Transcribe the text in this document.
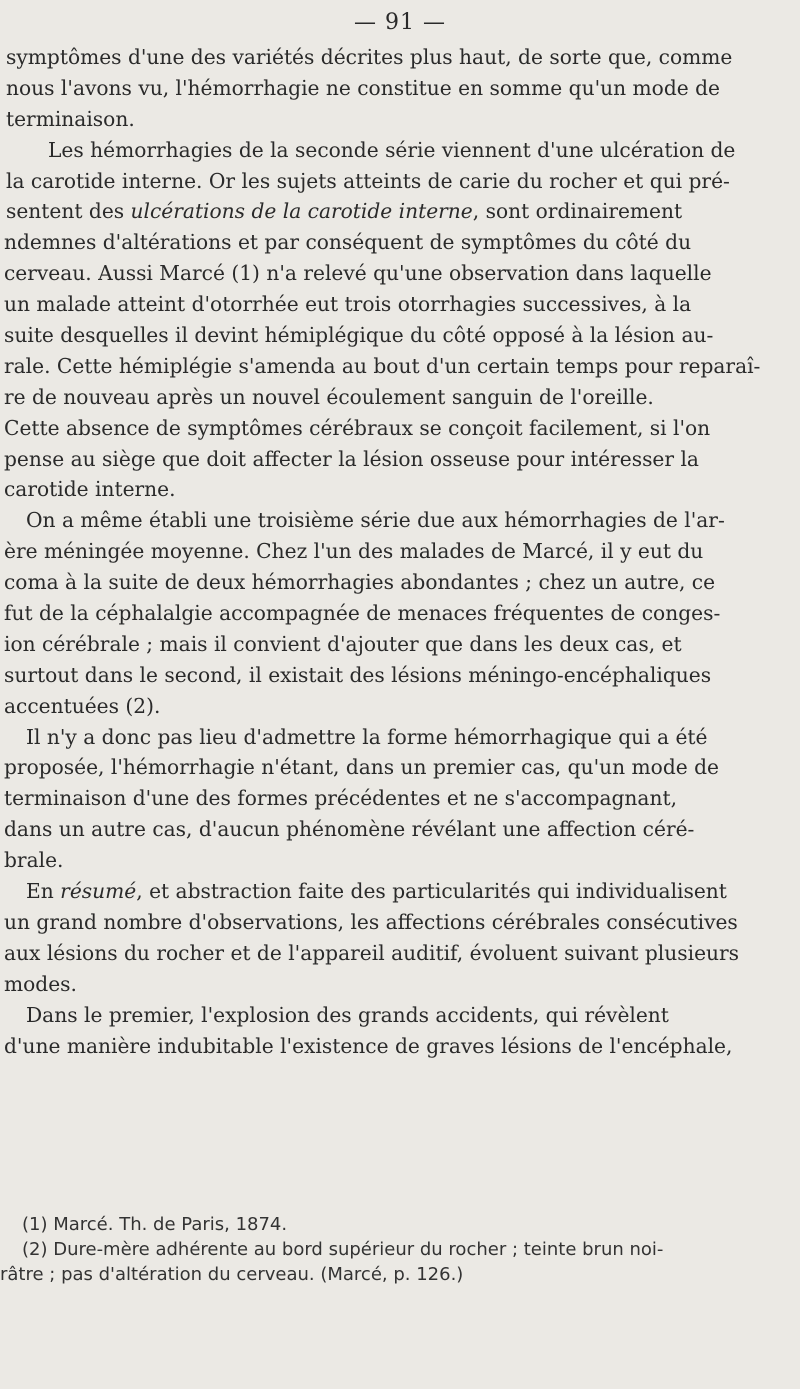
— 91 —
symptômes d'une des variétés décrites plus haut, de sorte que, comme
nous l'avons vu, l'hémorrhagie ne constitue en somme qu'un mode de
terminaison.
Les hémorrhagies de la seconde série viennent d'une ulcération de
la carotide interne. Or les sujets atteints de carie du rocher et qui pré-
sentent des ulcérations de la carotide interne, sont ordinairement
ndemnes d'altérations et par conséquent de symptômes du côté du
cerveau. Aussi Marcé (1) n'a relevé qu'une observation dans laquelle
un malade atteint d'otorrhée eut trois otorrhagies successives, à la
suite desquelles il devint hémiplégique du côté opposé à la lésion au-
rale. Cette hémiplégie s'amenda au bout d'un certain temps pour reparaî-
re de nouveau après un nouvel écoulement sanguin de l'oreille.
Cette absence de symptômes cérébraux se conçoit facilement, si l'on
pense au siège que doit affecter la lésion osseuse pour intéresser la
carotide interne.
On a même établi une troisième série due aux hémorrhagies de l'ar-
ère méningée moyenne. Chez l'un des malades de Marcé, il y eut du
coma à la suite de deux hémorrhagies abondantes ; chez un autre, ce
fut de la céphalalgie accompagnée de menaces fréquentes de conges-
ion cérébrale ; mais il convient d'ajouter que dans les deux cas, et
surtout dans le second, il existait des lésions méningo-encéphaliques
accentuées (2).
Il n'y a donc pas lieu d'admettre la forme hémorrhagique qui a été
proposée, l'hémorrhagie n'étant, dans un premier cas, qu'un mode de
terminaison d'une des formes précédentes et ne s'accompagnant,
dans un autre cas, d'aucun phénomène révélant une affection céré-
brale.
En résumé, et abstraction faite des particularités qui individualisent
un grand nombre d'observations, les affections cérébrales consécutives
aux lésions du rocher et de l'appareil auditif, évoluent suivant plusieurs
modes.
Dans le premier, l'explosion des grands accidents, qui révèlent
d'une manière indubitable l'existence de graves lésions de l'encéphale,
(1) Marcé. Th. de Paris, 1874.
(2) Dure-mère adhérente au bord supérieur du rocher ; teinte brun noi-
râtre ; pas d'altération du cerveau. (Marcé, p. 126.)
